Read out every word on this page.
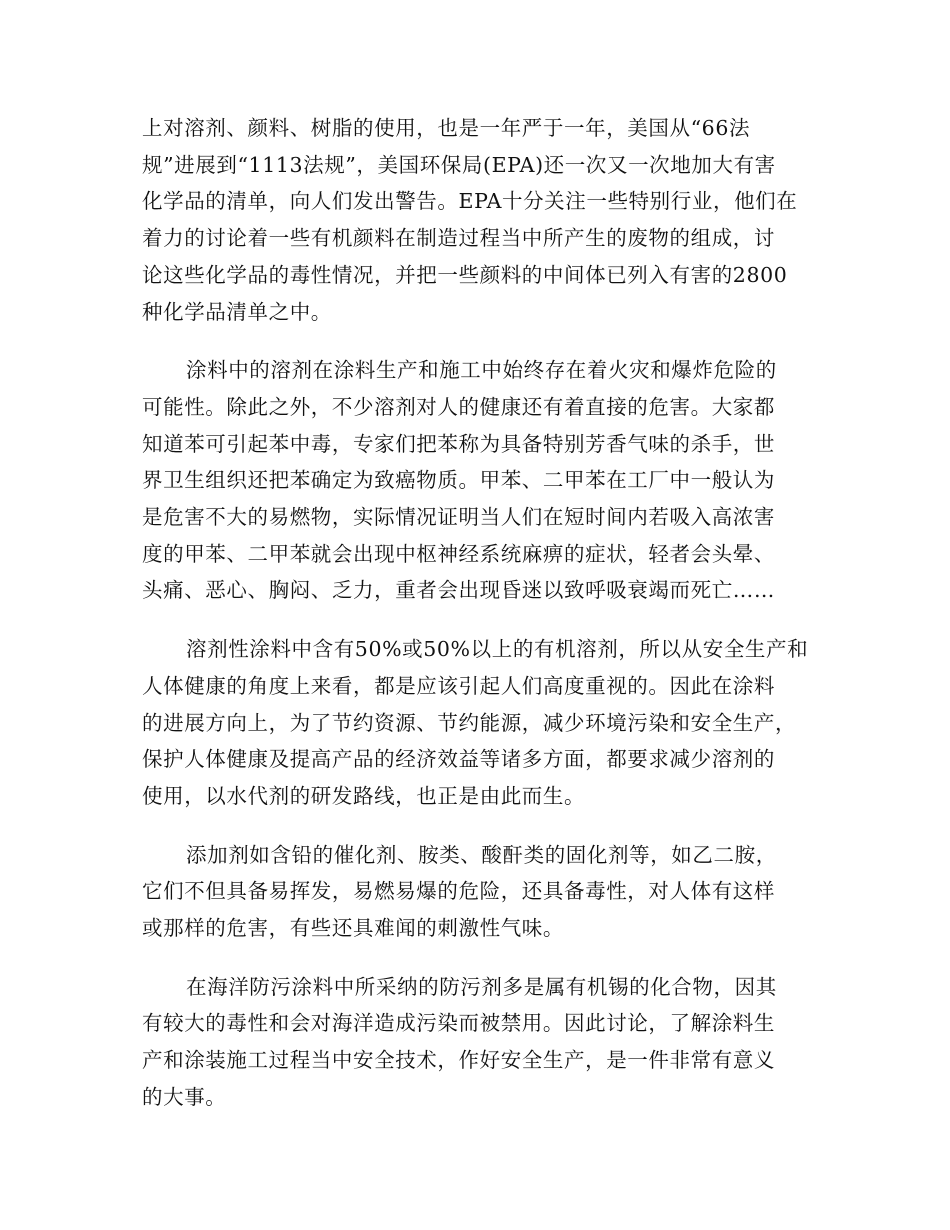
上对溶剂、颜料、树脂的使用，也是一年严于一年，美国从“66法
规”进展到“1113法规”，美国环保局(EPA)还一次又一次地加大有害
化学品的清单，向人们发出警告。EPA十分关注一些特别行业，他们在
着力的讨论着一些有机颜料在制造过程当中所产生的废物的组成，讨
论这些化学品的毒性情况，并把一些颜料的中间体已列入有害的2800
种化学品清单之中。

涂料中的溶剂在涂料生产和施工中始终存在着火灾和爆炸危险的
可能性。除此之外，不少溶剂对人的健康还有着直接的危害。大家都
知道苯可引起苯中毒，专家们把苯称为具备特别芳香气味的杀手，世
界卫生组织还把苯确定为致癌物质。甲苯、二甲苯在工厂中一般认为
是危害不大的易燃物，实际情况证明当人们在短时间内若吸入高浓害
度的甲苯、二甲苯就会出现中枢神经系统麻痹的症状，轻者会头晕、
头痛、恶心、胸闷、乏力，重者会出现昏迷以致呼吸衰竭而死亡……

溶剂性涂料中含有50%或50%以上的有机溶剂，所以从安全生产和
人体健康的角度上来看，都是应该引起人们高度重视的。因此在涂料
的进展方向上，为了节约资源、节约能源，减少环境污染和安全生产，
保护人体健康及提高产品的经济效益等诸多方面，都要求减少溶剂的
使用，以水代剂的研发路线，也正是由此而生。

添加剂如含铅的催化剂、胺类、酸酐类的固化剂等，如乙二胺，
它们不但具备易挥发，易燃易爆的危险，还具备毒性，对人体有这样
或那样的危害，有些还具难闻的刺激性气味。

在海洋防污涂料中所采纳的防污剂多是属有机锡的化合物，因其
有较大的毒性和会对海洋造成污染而被禁用。因此讨论，了解涂料生
产和涂装施工过程当中安全技术，作好安全生产，是一件非常有意义
的大事。
